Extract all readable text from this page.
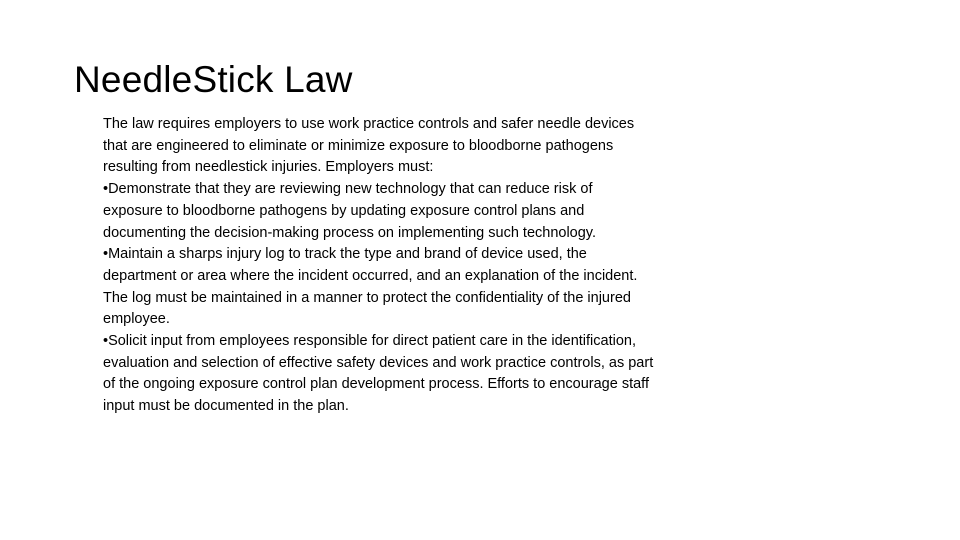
NeedleStick Law

The law requires employers to use work practice controls and safer needle devices that are engineered to eliminate or minimize exposure to bloodborne pathogens resulting from needlestick injuries. Employers must:

•Demonstrate that they are reviewing new technology that can reduce risk of exposure to bloodborne pathogens by updating exposure control plans and documenting the decision-making process on implementing such technology.

•Maintain a sharps injury log to track the type and brand of device used, the department or area where the incident occurred, and an explanation of the incident. The log must be maintained in a manner to protect the confidentiality of the injured employee.

•Solicit input from employees responsible for direct patient care in the identification, evaluation and selection of effective safety devices and work practice controls, as part of the ongoing exposure control plan development process. Efforts to encourage staff input must be documented in the plan.
